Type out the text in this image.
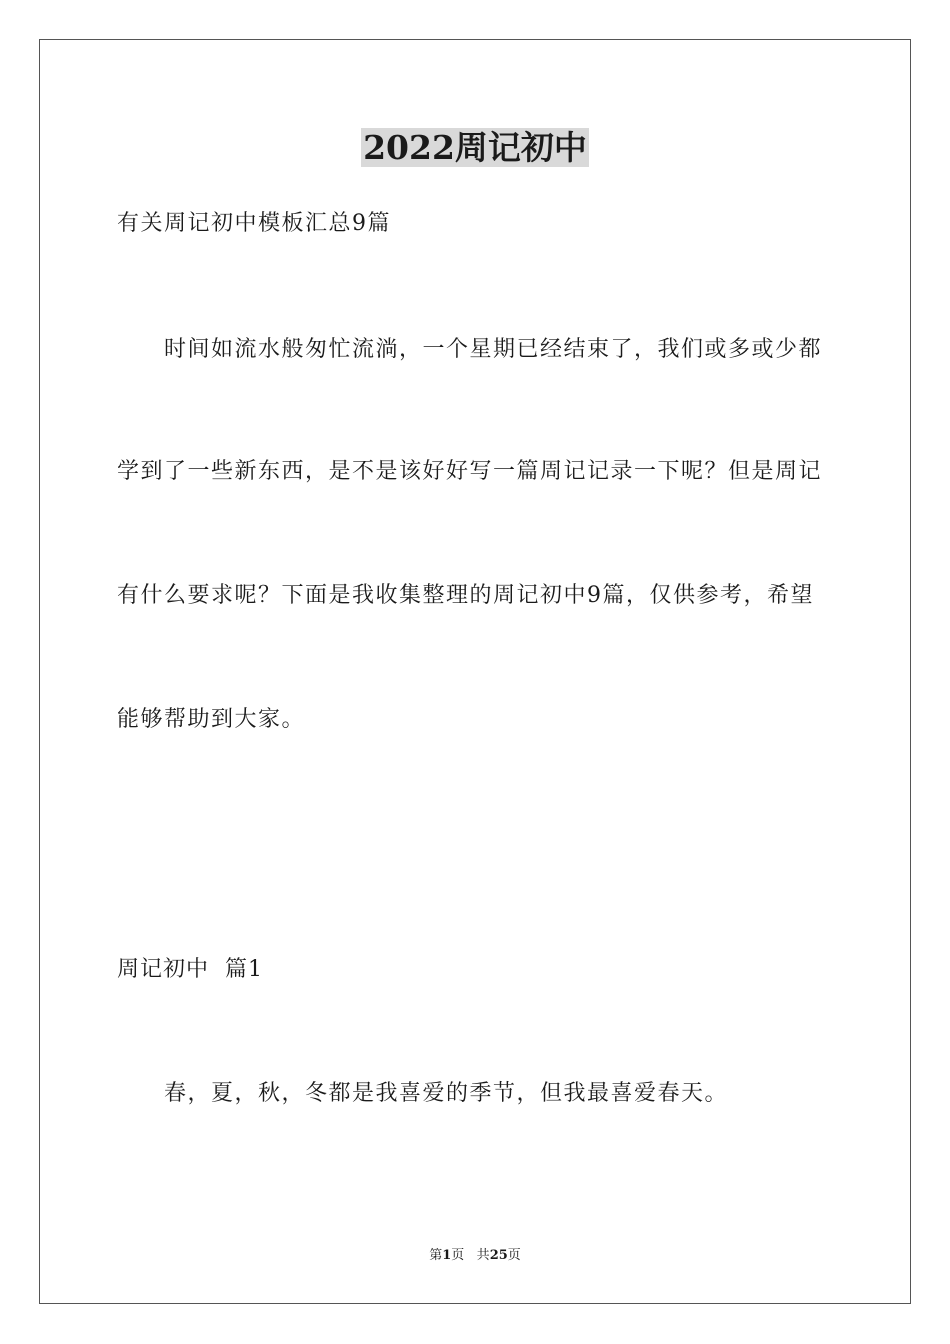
2022周记初中
有关周记初中模板汇总9篇
时间如流水般匆忙流淌，一个星期已经结束了，我们或多或少都
学到了一些新东西，是不是该好好写一篇周记记录一下呢？但是周记
有什么要求呢？下面是我收集整理的周记初中9篇，仅供参考，希望
能够帮助到大家。
周记初中  篇1
春，夏，秋，冬都是我喜爱的季节，但我最喜爱春天。
第1页 共25页
